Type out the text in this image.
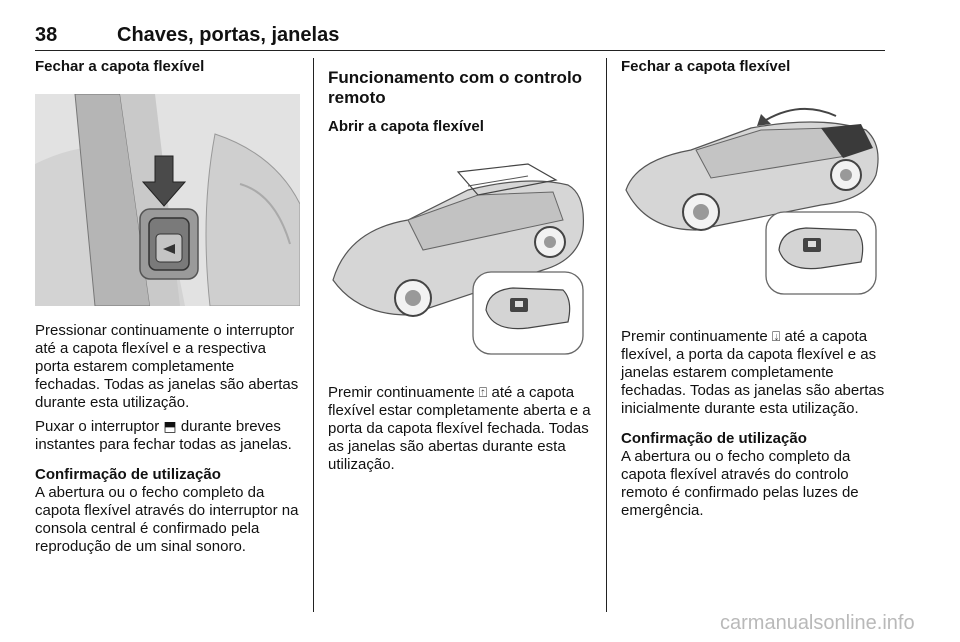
38	Chaves, portas, janelas
Fechar a capota flexível

Pressionar continuamente o interruptor até a capota flexível e a respectiva porta estarem completamente fechadas. Todas as janelas são abertas durante esta utilização.

Puxar o interruptor ⬒ durante breves instantes para fechar todas as janelas.

Confirmação de utilização

A abertura ou o fecho completo da capota flexível através do interruptor na consola central é confirmado pela reprodução de um sinal sonoro.

Funcionamento com o controlo remoto
Abrir a capota flexível

Premir continuamente ⍐ até a capota flexível estar completamente aberta e a porta da capota flexível fechada. Todas as janelas são abertas durante esta utilização.

Fechar a capota flexível

Premir continuamente ⍗ até a capota flexível, a porta da capota flexível e as janelas estarem completamente fechadas. Todas as janelas são abertas inicialmente durante esta utilização.

Confirmação de utilização

A abertura ou o fecho completo da capota flexível através do controlo remoto é confirmado pelas luzes de emergência.

carmanualsonline.info
